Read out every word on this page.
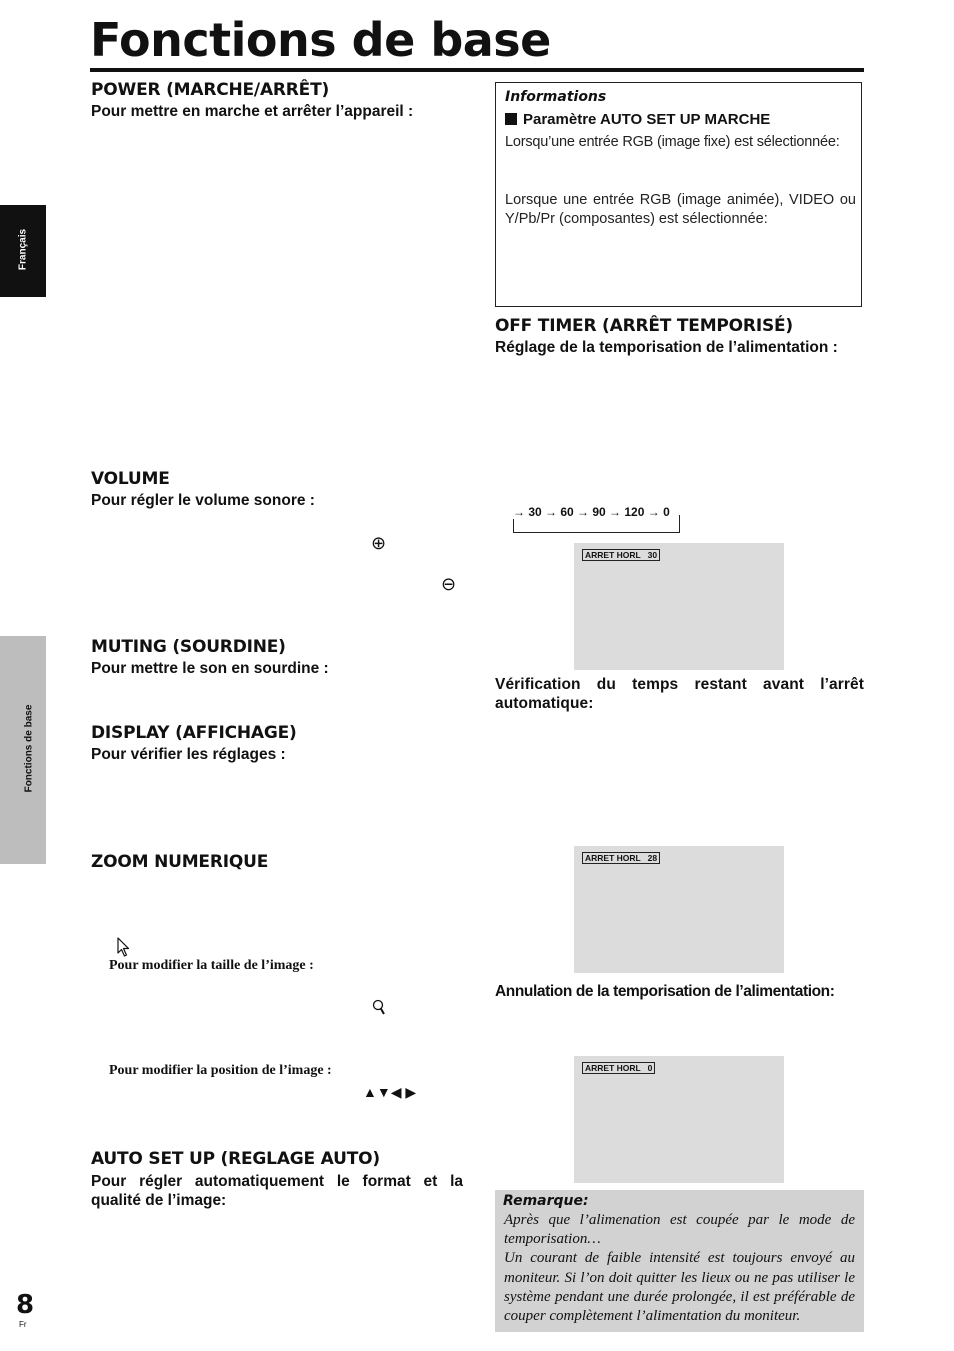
Fonctions de base
Français
Fonctions de base
POWER (MARCHE/ARRÊT)
Pour mettre en marche et arrêter l’appareil :
VOLUME
Pour régler le volume sonore :
⊕
⊖
MUTING (SOURDINE)
Pour mettre le son en sourdine :
DISPLAY (AFFICHAGE)
Pour vérifier les réglages :
ZOOM NUMERIQUE
Pour modifier la taille de l’image :
Pour modifier la position de l’image :
▲▼◀ ▶
AUTO SET UP (REGLAGE AUTO)
Pour régler automatiquement le format et la qualité de l’image:
Informations
Paramètre AUTO SET UP MARCHE
Lorsqu’une entrée RGB (image fixe) est sélectionnée:
Lorsque une entrée RGB (image animée), VIDEO ou Y/Pb/Pr (composantes) est sélectionnée:
OFF TIMER (ARRÊT TEMPORISÉ)
Réglage de la temporisation de l’alimentation :
→ 30 → 60 → 90 → 120 → 0
ARRET HORL   30
Vérification du temps restant avant l’arrêt automatique:
ARRET HORL   28
Annulation de la temporisation de l’alimentation:
ARRET HORL   0
Remarque:

Après que l’alimenation est coupée par le mode de temporisation…

Un courant de faible intensité est toujours envoyé au moniteur. Si l’on doit quitter les lieux ou ne pas utiliser le système pendant une durée prolongée, il est préférable de couper complètement l’alimentation du moniteur.

8
Fr
